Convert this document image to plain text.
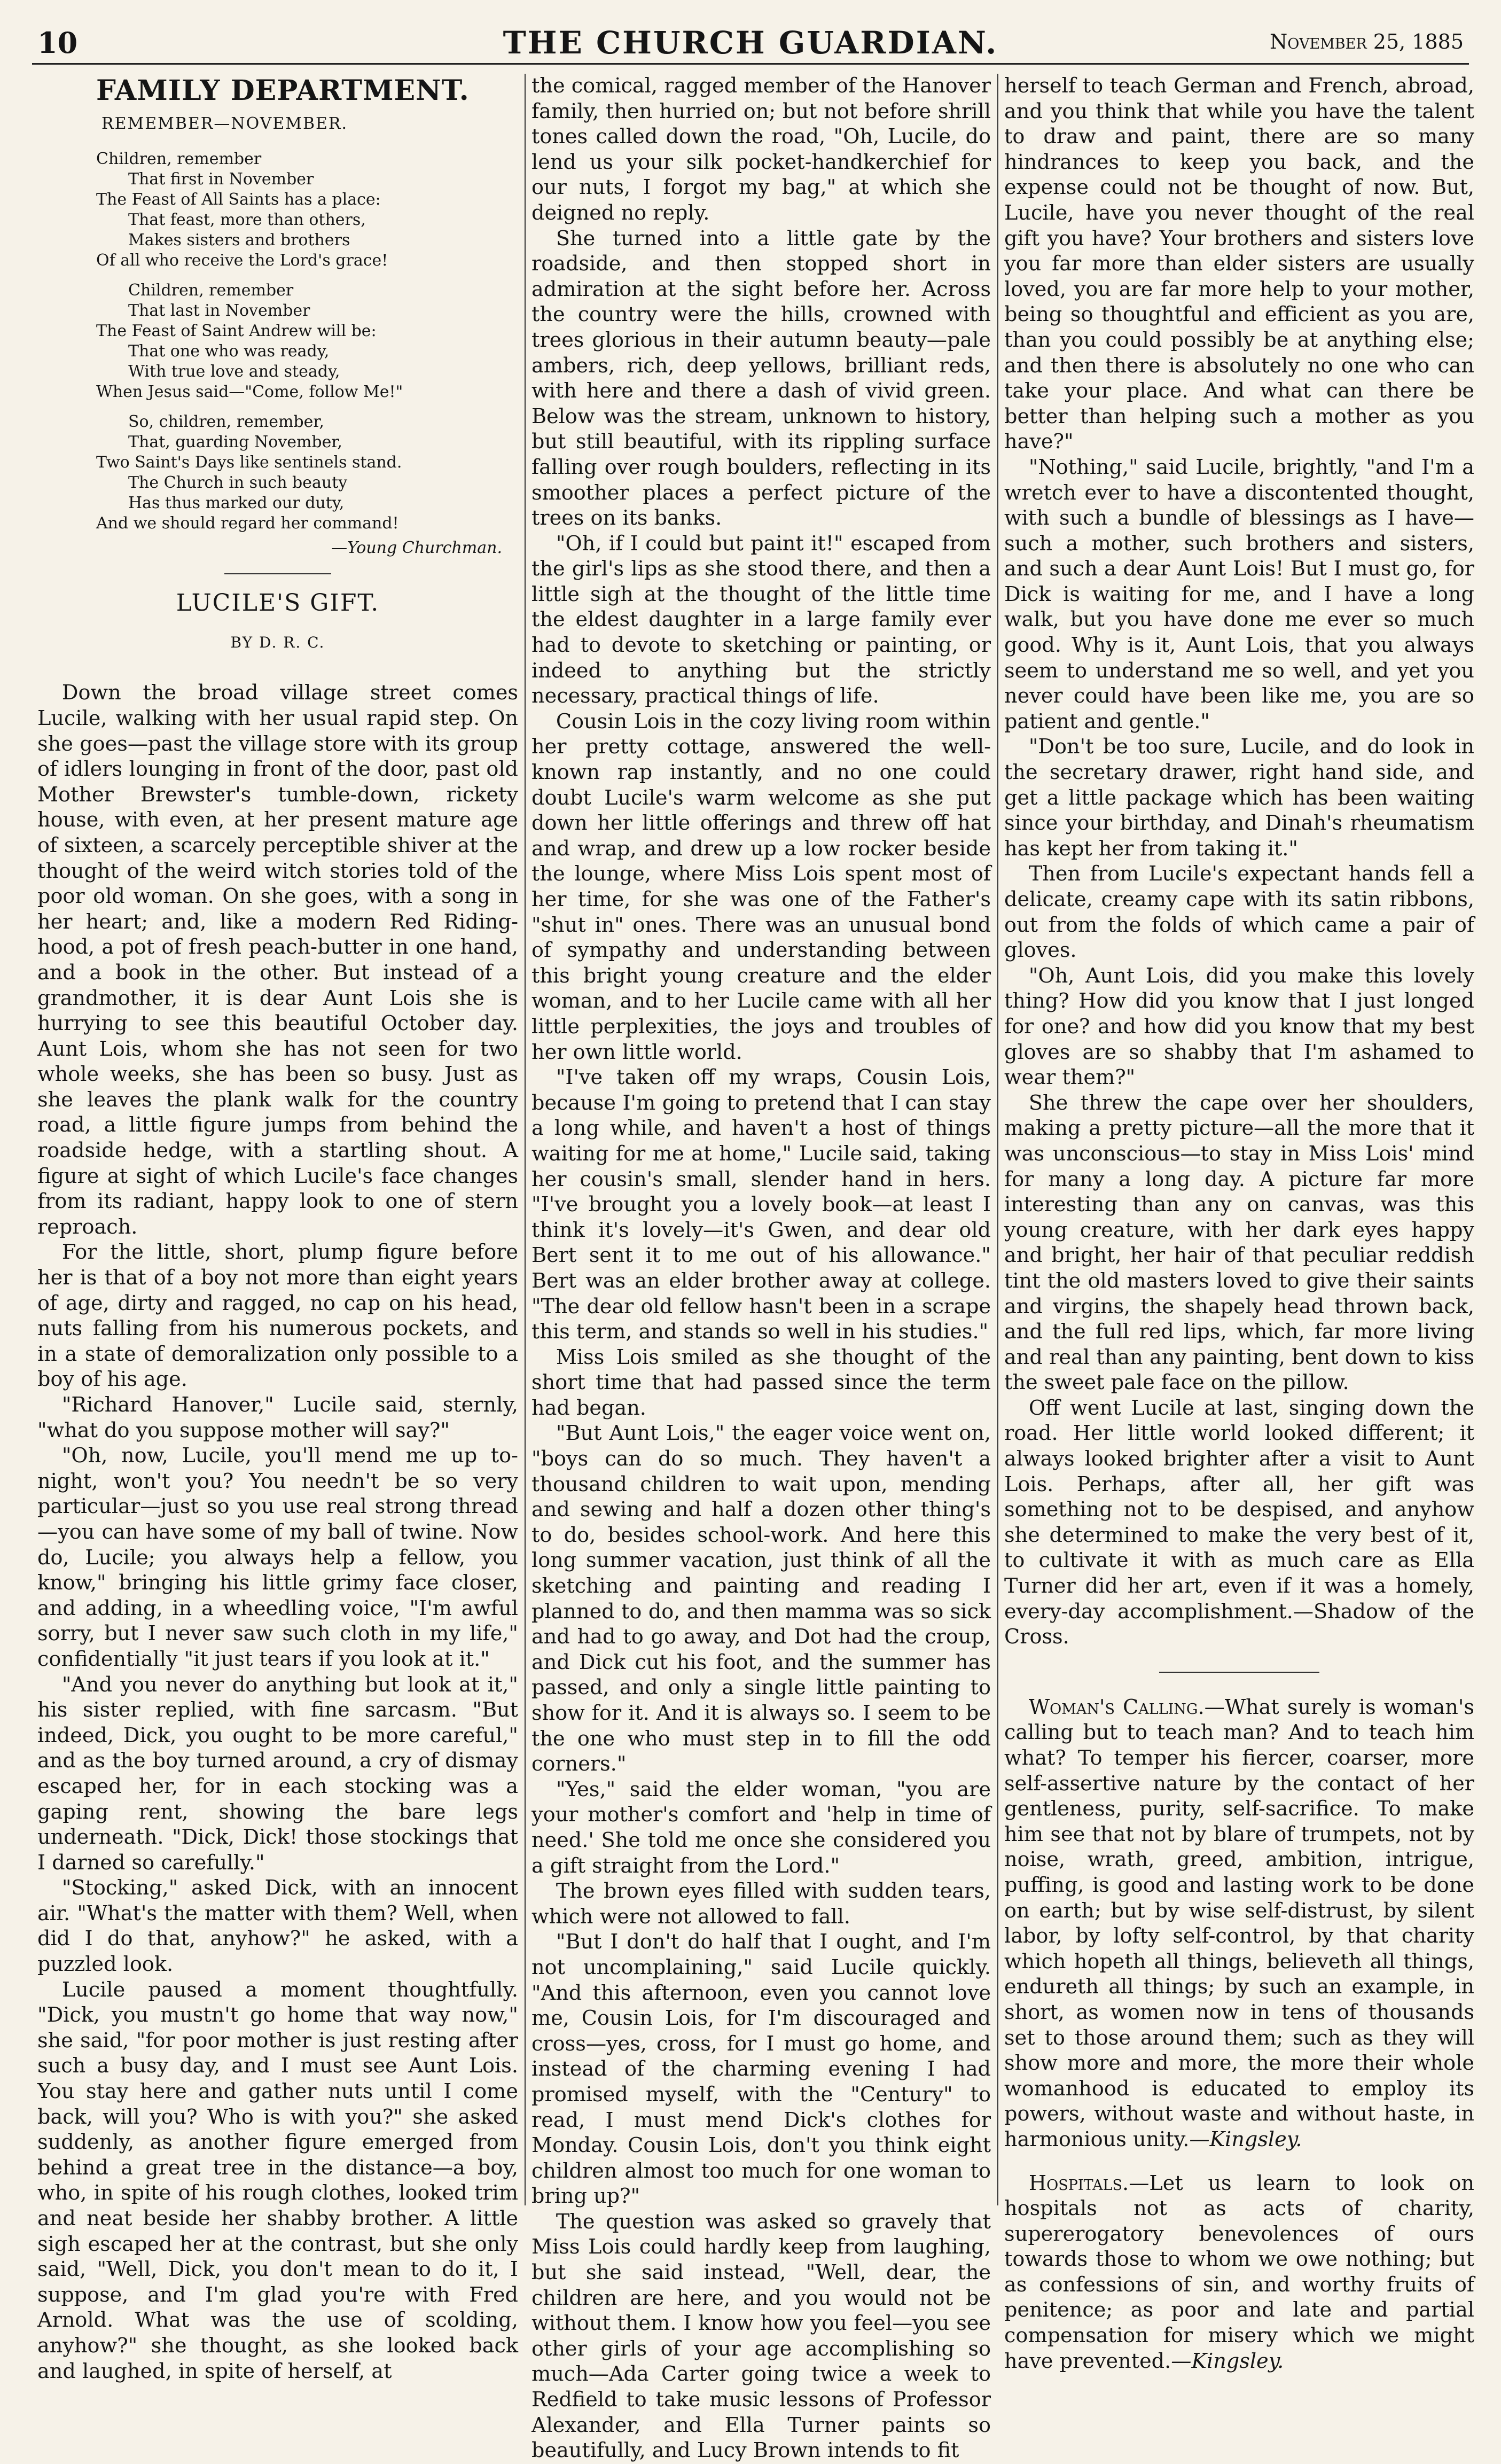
10	THE CHURCH GUARDIAN.	November 25, 1885
FAMILY DEPARTMENT.
REMEMBER—NOVEMBER.
Children, remember
That first in November
The Feast of All Saints has a place:
That feast, more than others,
Makes sisters and brothers
Of all who receive the Lord's grace!
Children, remember
That last in November
The Feast of Saint Andrew will be:
That one who was ready,
With true love and steady,
When Jesus said—"Come, follow Me!"
So, children, remember,
That, guarding November,
Two Saint's Days like sentinels stand.
The Church in such beauty
Has thus marked our duty,
And we should regard her command!
—Young Churchman.
LUCILE'S GIFT.
BY D. R. C.

Down the broad village street comes Lucile, walking with her usual rapid step. On she goes—past the village store with its group of idlers lounging in front of the door, past old Mother Brewster's tumble-down, rickety house, with even, at her present mature age of sixteen, a scarcely perceptible shiver at the thought of the weird witch stories told of the poor old woman. On she goes, with a song in her heart; and, like a modern Red Riding-hood, a pot of fresh peach-butter in one hand, and a book in the other. But instead of a grandmother, it is dear Aunt Lois she is hurrying to see this beautiful October day. Aunt Lois, whom she has not seen for two whole weeks, she has been so busy. Just as she leaves the plank walk for the country road, a little figure jumps from behind the roadside hedge, with a startling shout. A figure at sight of which Lucile's face changes from its radiant, happy look to one of stern reproach.

For the little, short, plump figure before her is that of a boy not more than eight years of age, dirty and ragged, no cap on his head, nuts falling from his numerous pockets, and in a state of demoralization only possible to a boy of his age.

"Richard Hanover," Lucile said, sternly, "what do you suppose mother will say?"

"Oh, now, Lucile, you'll mend me up to-night, won't you? You needn't be so very particular—just so you use real strong thread—you can have some of my ball of twine. Now do, Lucile; you always help a fellow, you know," bringing his little grimy face closer, and adding, in a wheedling voice, "I'm awful sorry, but I never saw such cloth in my life," confidentially "it just tears if you look at it."

"And you never do anything but look at it," his sister replied, with fine sarcasm. "But indeed, Dick, you ought to be more careful," and as the boy turned around, a cry of dismay escaped her, for in each stocking was a gaping rent, showing the bare legs underneath. "Dick, Dick! those stockings that I darned so carefully."

"Stocking," asked Dick, with an innocent air. "What's the matter with them? Well, when did I do that, anyhow?" he asked, with a puzzled look.

Lucile paused a moment thoughtfully. "Dick, you mustn't go home that way now," she said, "for poor mother is just resting after such a busy day, and I must see Aunt Lois. You stay here and gather nuts until I come back, will you? Who is with you?" she asked suddenly, as another figure emerged from behind a great tree in the distance—a boy, who, in spite of his rough clothes, looked trim and neat beside her shabby brother. A little sigh escaped her at the contrast, but she only said, "Well, Dick, you don't mean to do it, I suppose, and I'm glad you're with Fred Arnold. What was the use of scolding, anyhow?" she thought, as she looked back and laughed, in spite of herself, at

the comical, ragged member of the Hanover family, then hurried on; but not before shrill tones called down the road, "Oh, Lucile, do lend us your silk pocket-handkerchief for our nuts, I forgot my bag," at which she deigned no reply.

She turned into a little gate by the roadside, and then stopped short in admiration at the sight before her. Across the country were the hills, crowned with trees glorious in their autumn beauty—pale ambers, rich, deep yellows, brilliant reds, with here and there a dash of vivid green. Below was the stream, unknown to history, but still beautiful, with its rippling surface falling over rough boulders, reflecting in its smoother places a perfect picture of the trees on its banks.

"Oh, if I could but paint it!" escaped from the girl's lips as she stood there, and then a little sigh at the thought of the little time the eldest daughter in a large family ever had to devote to sketching or painting, or indeed to anything but the strictly necessary, practical things of life.

Cousin Lois in the cozy living room within her pretty cottage, answered the well-known rap instantly, and no one could doubt Lucile's warm welcome as she put down her little offerings and threw off hat and wrap, and drew up a low rocker beside the lounge, where Miss Lois spent most of her time, for she was one of the Father's "shut in" ones. There was an unusual bond of sympathy and understanding between this bright young creature and the elder woman, and to her Lucile came with all her little perplexities, the joys and troubles of her own little world.

"I've taken off my wraps, Cousin Lois, because I'm going to pretend that I can stay a long while, and haven't a host of things waiting for me at home," Lucile said, taking her cousin's small, slender hand in hers. "I've brought you a lovely book—at least I think it's lovely—it's Gwen, and dear old Bert sent it to me out of his allowance." Bert was an elder brother away at college. "The dear old fellow hasn't been in a scrape this term, and stands so well in his studies."

Miss Lois smiled as she thought of the short time that had passed since the term had began.

"But Aunt Lois," the eager voice went on, "boys can do so much. They haven't a thousand children to wait upon, mending and sewing and half a dozen other thing's to do, besides school-work. And here this long summer vacation, just think of all the sketching and painting and reading I planned to do, and then mamma was so sick and had to go away, and Dot had the croup, and Dick cut his foot, and the summer has passed, and only a single little painting to show for it. And it is always so. I seem to be the one who must step in to fill the odd corners."

"Yes," said the elder woman, "you are your mother's comfort and 'help in time of need.' She told me once she considered you a gift straight from the Lord."

The brown eyes filled with sudden tears, which were not allowed to fall.

"But I don't do half that I ought, and I'm not uncomplaining," said Lucile quickly. "And this afternoon, even you cannot love me, Cousin Lois, for I'm discouraged and cross—yes, cross, for I must go home, and instead of the charming evening I had promised myself, with the "Century" to read, I must mend Dick's clothes for Monday. Cousin Lois, don't you think eight children almost too much for one woman to bring up?"

The question was asked so gravely that Miss Lois could hardly keep from laughing, but she said instead, "Well, dear, the children are here, and you would not be without them. I know how you feel—you see other girls of your age accomplishing so much—Ada Carter going twice a week to Redfield to take music lessons of Professor Alexander, and Ella Turner paints so beautifully, and Lucy Brown intends to fit

herself to teach German and French, abroad, and you think that while you have the talent to draw and paint, there are so many hindrances to keep you back, and the expense could not be thought of now. But, Lucile, have you never thought of the real gift you have? Your brothers and sisters love you far more than elder sisters are usually loved, you are far more help to your mother, being so thoughtful and efficient as you are, than you could possibly be at anything else; and then there is absolutely no one who can take your place. And what can there be better than helping such a mother as you have?"

"Nothing," said Lucile, brightly, "and I'm a wretch ever to have a discontented thought, with such a bundle of blessings as I have—such a mother, such brothers and sisters, and such a dear Aunt Lois! But I must go, for Dick is waiting for me, and I have a long walk, but you have done me ever so much good. Why is it, Aunt Lois, that you always seem to understand me so well, and yet you never could have been like me, you are so patient and gentle."

"Don't be too sure, Lucile, and do look in the secretary drawer, right hand side, and get a little package which has been waiting since your birthday, and Dinah's rheumatism has kept her from taking it."

Then from Lucile's expectant hands fell a delicate, creamy cape with its satin ribbons, out from the folds of which came a pair of gloves.

"Oh, Aunt Lois, did you make this lovely thing? How did you know that I just longed for one? and how did you know that my best gloves are so shabby that I'm ashamed to wear them?"

She threw the cape over her shoulders, making a pretty picture—all the more that it was unconscious—to stay in Miss Lois' mind for many a long day. A picture far more interesting than any on canvas, was this young creature, with her dark eyes happy and bright, her hair of that peculiar reddish tint the old masters loved to give their saints and virgins, the shapely head thrown back, and the full red lips, which, far more living and real than any painting, bent down to kiss the sweet pale face on the pillow.

Off went Lucile at last, singing down the road. Her little world looked different; it always looked brighter after a visit to Aunt Lois. Perhaps, after all, her gift was something not to be despised, and anyhow she determined to make the very best of it, to cultivate it with as much care as Ella Turner did her art, even if it was a homely, every-day accomplishment.—Shadow of the Cross.

Woman's Calling.—What surely is woman's calling but to teach man? And to teach him what? To temper his fiercer, coarser, more self-assertive nature by the contact of her gentleness, purity, self-sacrifice. To make him see that not by blare of trumpets, not by noise, wrath, greed, ambition, intrigue, puffing, is good and lasting work to be done on earth; but by wise self-distrust, by silent labor, by lofty self-control, by that charity which hopeth all things, believeth all things, endureth all things; by such an example, in short, as women now in tens of thousands set to those around them; such as they will show more and more, the more their whole womanhood is educated to employ its powers, without waste and without haste, in harmonious unity.—Kingsley.

Hospitals.—Let us learn to look on hospitals not as acts of charity, supererogatory benevolences of ours towards those to whom we owe nothing; but as confessions of sin, and worthy fruits of penitence; as poor and late and partial compensation for misery which we might have prevented.—Kingsley.
